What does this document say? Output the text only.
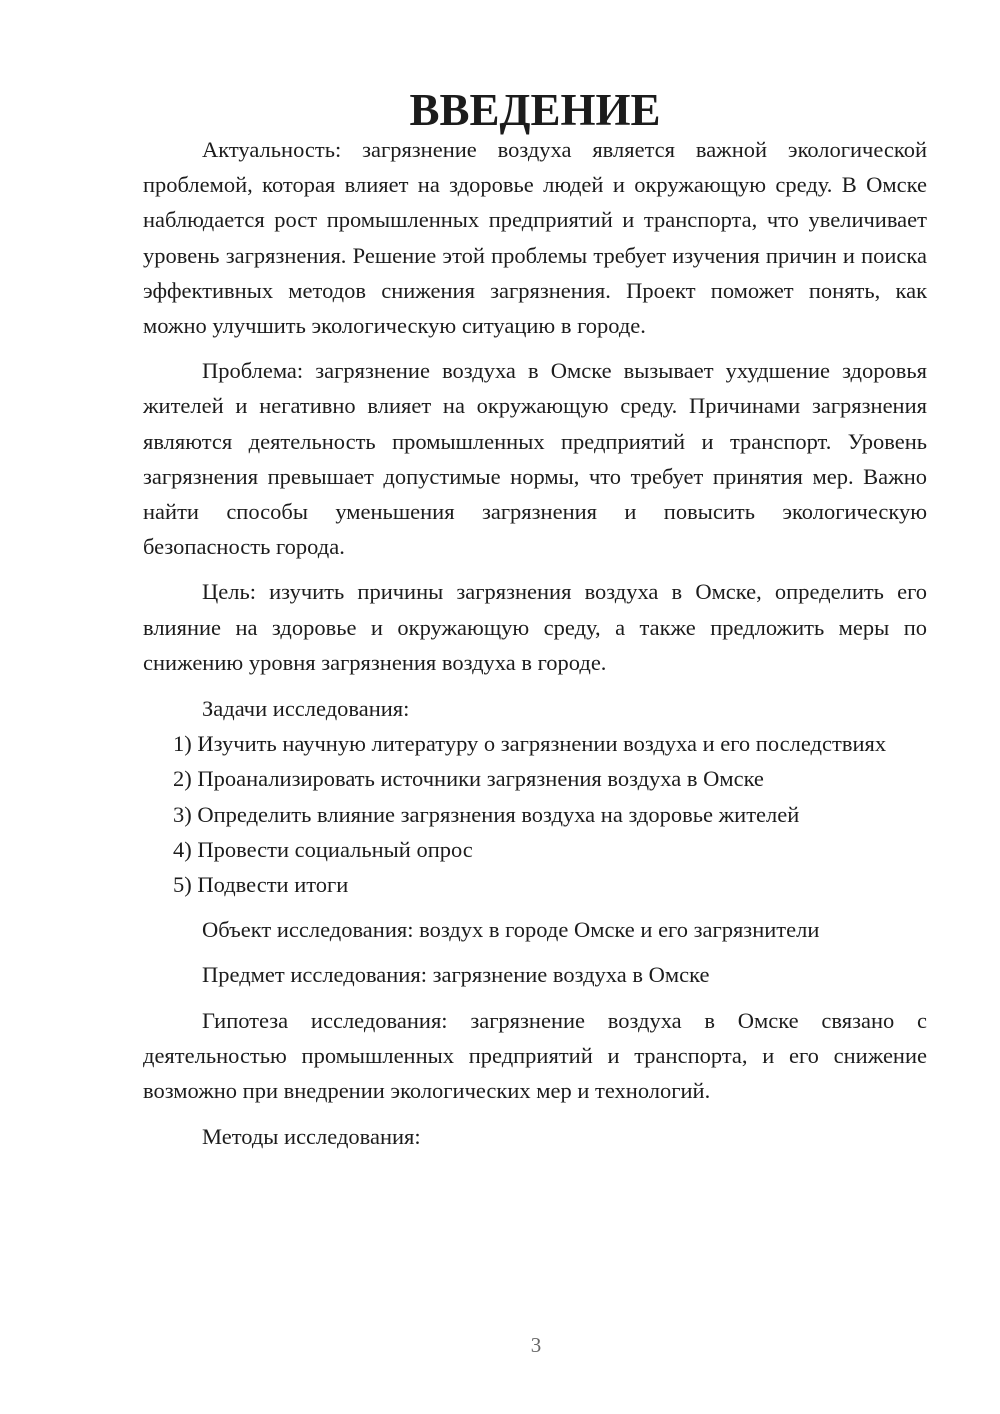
ВВЕДЕНИЕ

Актуальность: загрязнение воздуха является важной экологической проблемой, которая влияет на здоровье людей и окружающую среду. В Омске наблюдается рост промышленных предприятий и транспорта, что увеличивает уровень загрязнения. Решение этой проблемы требует изучения причин и поиска эффективных методов снижения загрязнения. Проект поможет понять, как можно улучшить экологическую ситуацию в городе.

Проблема: загрязнение воздуха в Омске вызывает ухудшение здоровья жителей и негативно влияет на окружающую среду. Причинами загрязнения являются деятельность промышленных предприятий и транспорт. Уровень загрязнения превышает допустимые нормы, что требует принятия мер. Важно найти способы уменьшения загрязнения и повысить экологическую безопасность города.

Цель: изучить причины загрязнения воздуха в Омске, определить его влияние на здоровье и окружающую среду, а также предложить меры по снижению уровня загрязнения воздуха в городе.

Задачи исследования:

1) Изучить научную литературу о загрязнении воздуха и его последствиях

2) Проанализировать источники загрязнения воздуха в Омске

3) Определить влияние загрязнения воздуха на здоровье жителей

4) Провести социальный опрос

5) Подвести итоги

Объект исследования: воздух в городе Омске и его загрязнители

Предмет исследования: загрязнение воздуха в Омске

Гипотеза исследования: загрязнение воздуха в Омске связано с деятельностью промышленных предприятий и транспорта, и его снижение возможно при внедрении экологических мер и технологий.

Методы исследования:

3
